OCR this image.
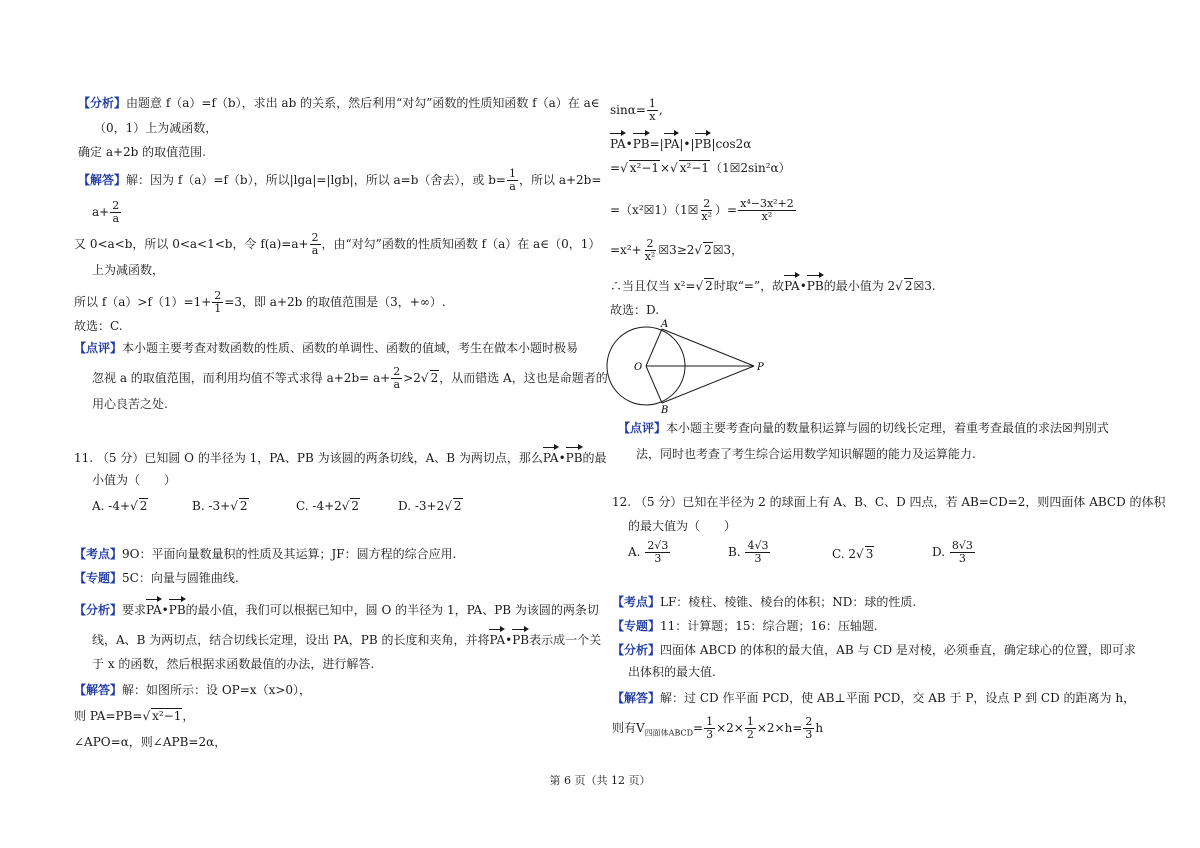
【分析】由题意 f（a）=f（b），求出 ab 的关系，然后利用“对勾”函数的性质知函数 f（a）在 a∈
（0，1）上为减函数，
确定 a+2b 的取值范围.
【解答】解：因为 f（a）=f（b），所以|lga|=|lgb|，所以 a=b（舍去），或 $b= \frac{1}{a}$ ，所以 a+2b=
$a+ \frac{2}{a}$
又 0<a<b，所以 0<a<1<b，令 $f(a)=a+ \frac{2}{a}$ ，由“对勾”函数的性质知函数 f（a）在 a∈（0，1）
上为减函数，
所以 $f(a)>f(1)=1+ \frac{2}{1} =3$，即 a+2b 的取值范围是（3，+∞）.
故选：C.
【点评】本小题主要考查对数函数的性质、函数的单调性、函数的值域，考生在做本小题时极易
忽视 a 的取值范围，而利用均值不等式求得 $a+2b= a+ \frac{2}{a} >2√$ 2，从而错选 A，这也是命题者的
用心良苦之处.
11. （5 分）已知圆 O 的半径为 1，PA、PB 为该圆的两条切线，A、B 为两切点，那么PA•PB的最
小值为（　　）
A. -4+√ 2	B. -3+√ 2	C. -4+2√ 2	D. -3+2√ 2
【考点】9O：平面向量数量积的性质及其运算；JF：圆方程的综合应用.
【专题】5C：向量与圆锥曲线.
【分析】要求PA•PB的最小值，我们可以根据已知中，圆 O 的半径为 1，PA、PB 为该圆的两条切
线，A、B 为两切点，结合切线长定理，设出 PA，PB 的长度和夹角，并将PA•PB表示成一个关
于 x 的函数，然后根据求函数最值的办法，进行解答.
【解答】解：如图所示：设 OP=x（x>0），
则 PA=PB=√ x²−1，
∠APO=α，则∠APB=2α，
$\sin\alpha= \frac{1}{x}$ ,
PA•PB=|PA|•|PB|cos2α
=√ x²−1×√ x²−1（1☒2sin²α）
=（x²☒1）（1☒ $\frac{2}{\text{x²}}$ ）= $\frac{\text{x⁴−3x²+2}}{\text{x²}}$
$=x^2+ \frac{2}{\text{x²}}$ ☒3≥2√ 2☒3，
∴当且仅当 x²=√ 2时取“=”，故PA•PB的最小值为 2√ 2☒3.
故选：D.
A
O	P
B
【点评】本小题主要考查向量的数量积运算与圆的切线长定理，着重考查最值的求法☒判别式
法，同时也考查了考生综合运用数学知识解题的能力及运算能力.
12. （5 分）已知在半径为 2 的球面上有 A、B、C、D 四点，若 AB=CD=2，则四面体 ABCD 的体积
的最大值为（　　）
A. $\frac{2√3}{3}$	B. $\frac{4√3}{3}$	C. 2√ 3	D. $\frac{8√3}{3}$
【考点】LF：棱柱、棱锥、棱台的体积；ND：球的性质.
【专题】11：计算题；15：综合题；16：压轴题.
【分析】四面体 ABCD 的体积的最大值，AB 与 CD 是对棱，必须垂直，确定球心的位置，即可求
出体积的最大值.
【解答】解：过 CD 作平面 PCD，使 AB⊥平面 PCD，交 AB 于 P，设点 P 到 CD 的距离为 h，
则有$V_{四面体ABCD}= \frac{1}{3} \times 2\times \frac{1}{2} \times 2\times h= \frac{2}{3}$ h
第 6 页（共 12 页）
